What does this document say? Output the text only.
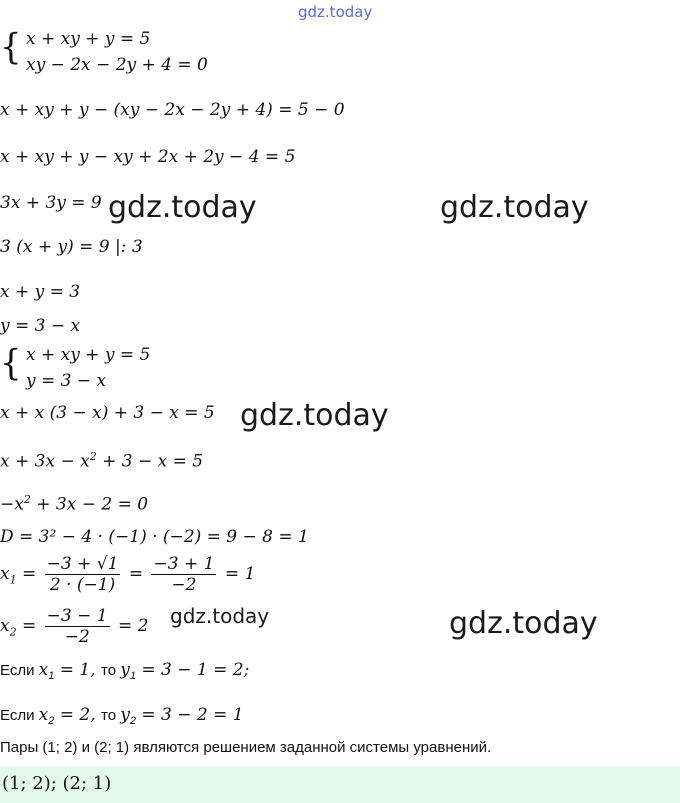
gdz.today
gdz.today	gdz.today
gdz.today
gdz.today	gdz.today
{ x + xy + y = 5
xy − 2x − 2y + 4 = 0
x + xy + y − (xy − 2x − 2y + 4) = 5 − 0
x + xy + y − xy + 2x + 2y − 4 = 5
3x + 3y = 9
3 (x + y) = 9 |: 3
x + y = 3
y = 3 − x
{ x + xy + y = 5
y = 3 − x
x + x (3 − x) + 3 − x = 5
$x + 3x - x^2 + 3 - x = 5$
$-x^2 + 3x - 2 = 0$
D = 3² − 4 · (−1) · (−2) = 9 − 8 = 1
$x_1 = \frac{-3 + √1}{2 \cdot (-1)} = \frac{-3 + 1}{-2} = 1$
$x_2 = \frac{-3 - 1}{-2} = 2$
Если $x_1 = 1$, то $y_1 = 3 - 1 = 2$;
Если $x_2 = 2$, то $y_2 = 3 - 2 = 1$
Пары (1; 2) и (2; 1) являются решением заданной системы уравнений.
(1; 2); (2; 1)
